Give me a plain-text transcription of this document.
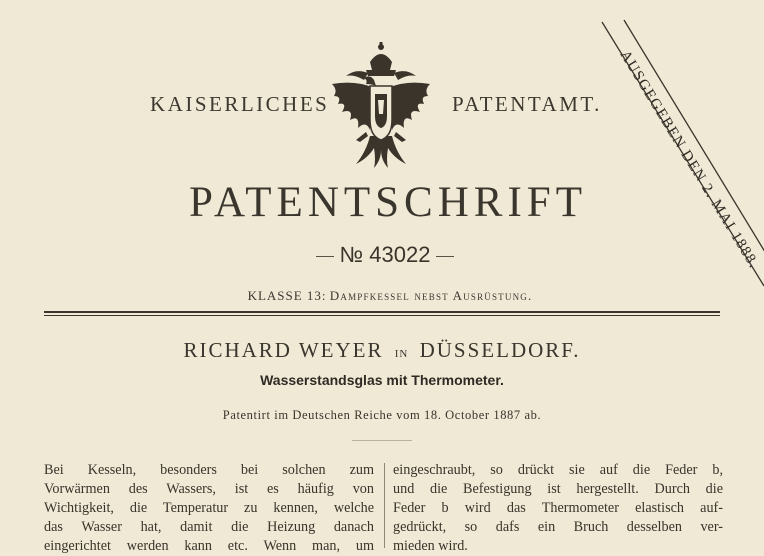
KAISERLICHES	PATENTAMT. AUSGEGEBEN DEN 2. MAI 1888.
PATENTSCHRIFT
№ 43022
KLASSE 13: Dampfkessel nebst Ausrüstung.
RICHARD WEYER in DÜSSELDORF.
Wasserstandsglas mit Thermometer.
Patentirt im Deutschen Reiche vom 18. October 1887 ab.
Bei Kesseln, besonders bei solchen zum
Vorwärmen des Wassers, ist es häufig von
Wichtigkeit, die Temperatur zu kennen, welche
das Wasser hat, damit die Heizung danach
eingerichtet werden kann etc. Wenn man, um
eingeschraubt, so drückt sie auf die Feder b,
und die Befestigung ist hergestellt. Durch die
Feder b wird das Thermometer elastisch auf-
gedrückt, so dafs ein Bruch desselben ver-
mieden wird.
